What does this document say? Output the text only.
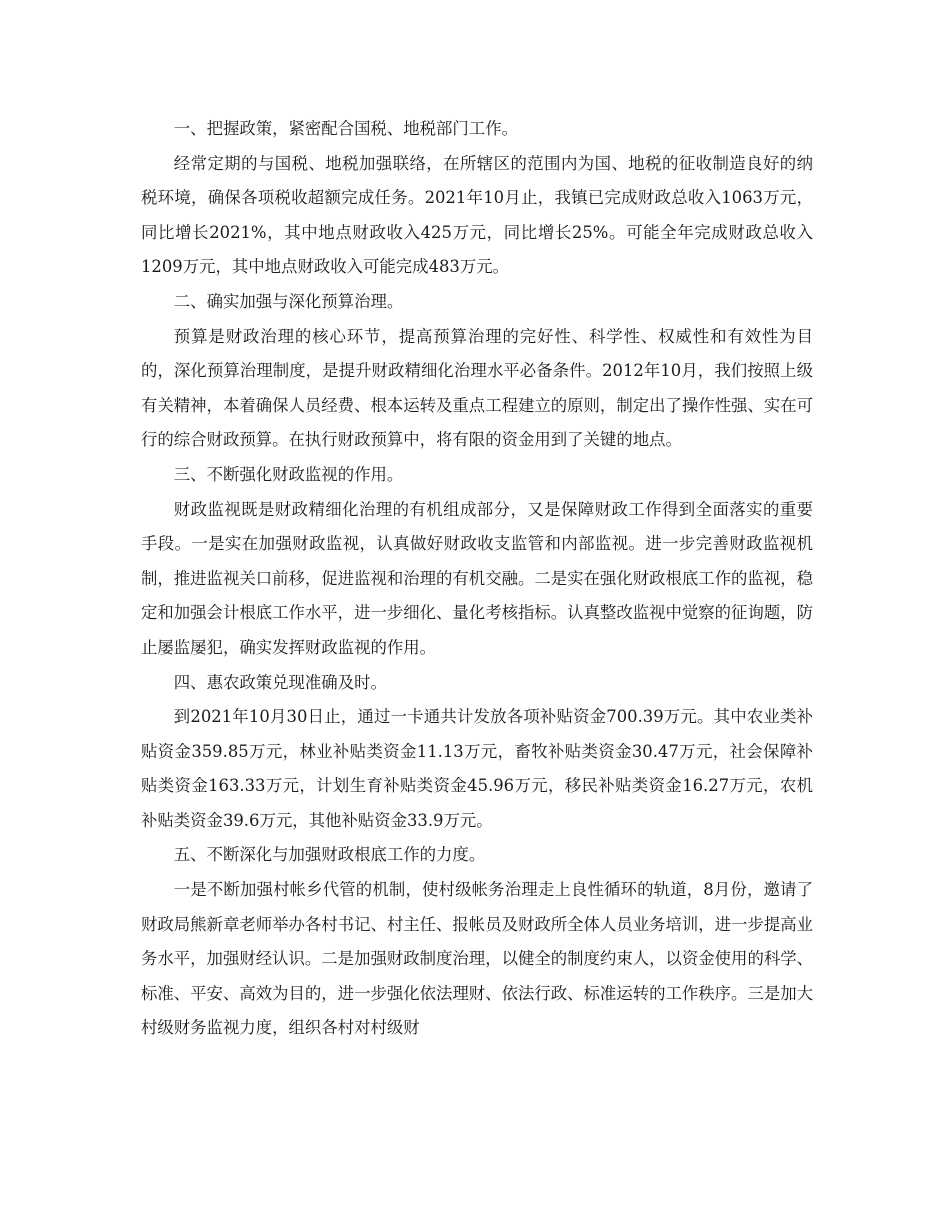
一、把握政策，紧密配合国税、地税部门工作。

经常定期的与国税、地税加强联络，在所辖区的范围内为国、地税的征收制造良好的纳税环境，确保各项税收超额完成任务。2021年10月止，我镇已完成财政总收入1063万元，同比增长2021%，其中地点财政收入425万元，同比增长25%。可能全年完成财政总收入1209万元，其中地点财政收入可能完成483万元。

二、确实加强与深化预算治理。

预算是财政治理的核心环节，提高预算治理的完好性、科学性、权威性和有效性为目的，深化预算治理制度，是提升财政精细化治理水平必备条件。2012年10月，我们按照上级有关精神，本着确保人员经费、根本运转及重点工程建立的原则，制定出了操作性强、实在可行的综合财政预算。在执行财政预算中，将有限的资金用到了关键的地点。

三、不断强化财政监视的作用。

财政监视既是财政精细化治理的有机组成部分，又是保障财政工作得到全面落实的重要手段。一是实在加强财政监视，认真做好财政收支监管和内部监视。进一步完善财政监视机制，推进监视关口前移，促进监视和治理的有机交融。二是实在强化财政根底工作的监视，稳定和加强会计根底工作水平，进一步细化、量化考核指标。认真整改监视中觉察的征询题，防止屡监屡犯，确实发挥财政监视的作用。

四、惠农政策兑现准确及时。

到2021年10月30日止，通过一卡通共计发放各项补贴资金700.39万元。其中农业类补贴资金359.85万元，林业补贴类资金11.13万元，畜牧补贴类资金30.47万元，社会保障补贴类资金163.33万元，计划生育补贴类资金45.96万元，移民补贴类资金16.27万元，农机补贴类资金39.6万元，其他补贴资金33.9万元。

五、不断深化与加强财政根底工作的力度。

一是不断加强村帐乡代管的机制，使村级帐务治理走上良性循环的轨道，8月份，邀请了财政局熊新章老师举办各村书记、村主任、报帐员及财政所全体人员业务培训，进一步提高业务水平，加强财经认识。二是加强财政制度治理，以健全的制度约束人，以资金使用的科学、标准、平安、高效为目的，进一步强化依法理财、依法行政、标准运转的工作秩序。三是加大村级财务监视力度，组织各村对村级财
